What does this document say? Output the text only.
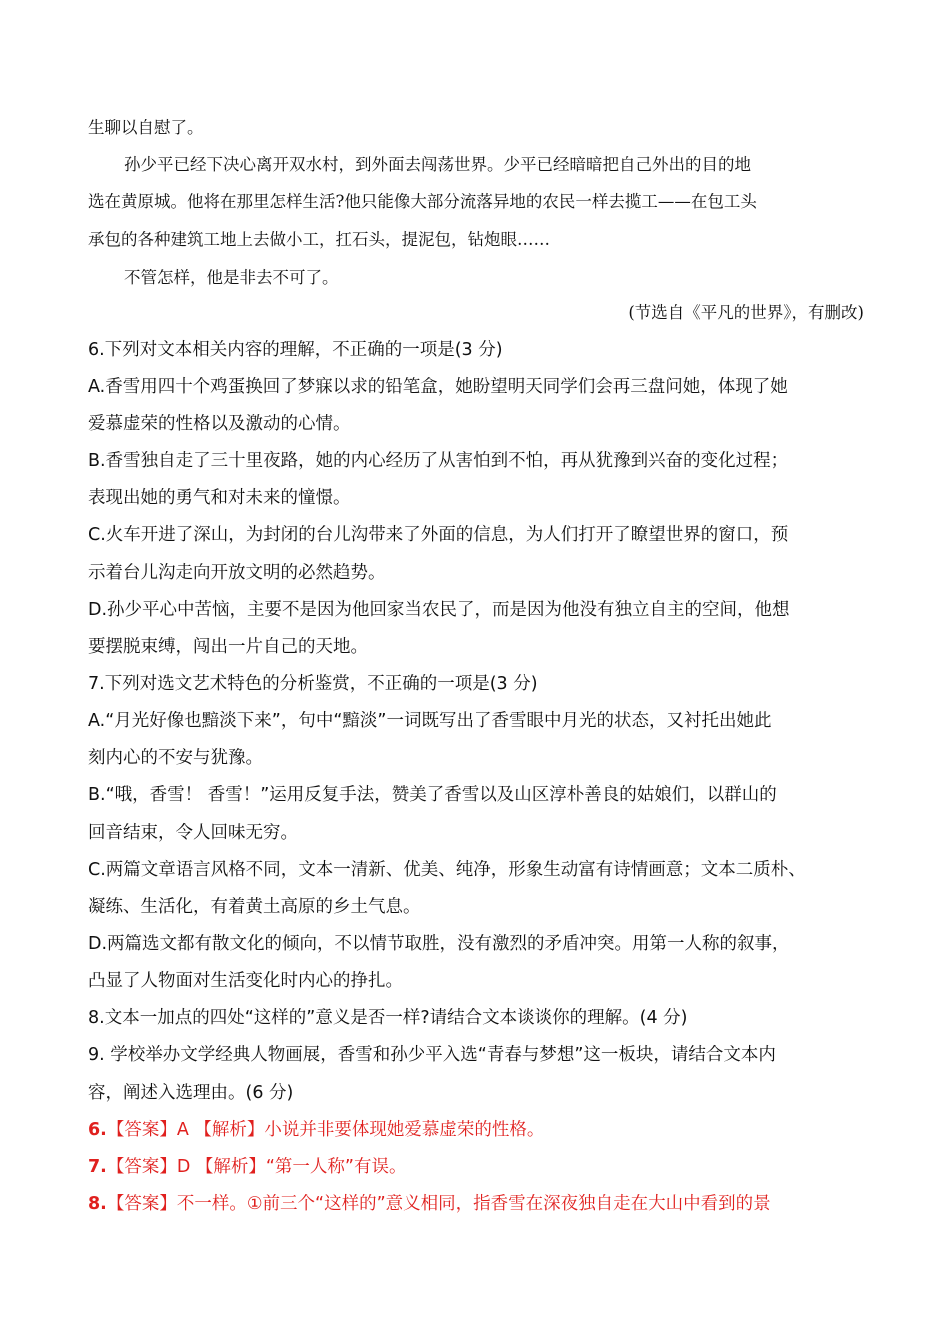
生聊以自慰了。
孙少平已经下决心离开双水村，到外面去闯荡世界。少平已经暗暗把自己外出的目的地
选在黄原城。他将在那里怎样生活?他只能像大部分流落异地的农民一样去揽工——在包工头
承包的各种建筑工地上去做小工，扛石头，提泥包，钻炮眼……
不管怎样，他是非去不可了。
(节选自《平凡的世界》，有删改)
6.下列对文本相关内容的理解，不正确的一项是(3 分)
A.香雪用四十个鸡蛋换回了梦寐以求的铅笔盒，她盼望明天同学们会再三盘问她，体现了她
爱慕虚荣的性格以及激动的心情。
B.香雪独自走了三十里夜路，她的内心经历了从害怕到不怕，再从犹豫到兴奋的变化过程；
表现出她的勇气和对未来的憧憬。
C.火车开进了深山，为封闭的台儿沟带来了外面的信息，为人们打开了瞭望世界的窗口，预
示着台儿沟走向开放文明的必然趋势。
D.孙少平心中苦恼，主要不是因为他回家当农民了，而是因为他没有独立自主的空间，他想
要摆脱束缚，闯出一片自己的天地。
7.下列对选文艺术特色的分析鉴赏，不正确的一项是(3 分)
A.“月光好像也黯淡下来”，句中“黯淡”一词既写出了香雪眼中月光的状态，又衬托出她此
刻内心的不安与犹豫。
B.“哦，香雪！ 香雪！”运用反复手法，赞美了香雪以及山区淳朴善良的姑娘们，以群山的
回音结束，令人回味无穷。
C.两篇文章语言风格不同，文本一清新、优美、纯净，形象生动富有诗情画意；文本二质朴、
凝练、生活化，有着黄土高原的乡土气息。
D.两篇选文都有散文化的倾向，不以情节取胜，没有激烈的矛盾冲突。用第一人称的叙事，
凸显了人物面对生活变化时内心的挣扎。
8.文本一加点的四处“这样的”意义是否一样?请结合文本谈谈你的理解。(4 分)
9. 学校举办文学经典人物画展，香雪和孙少平入选“青春与梦想”这一板块，请结合文本内
容，阐述入选理由。(6 分)
6.【答案】A 【解析】小说并非要体现她爱慕虚荣的性格。
7.【答案】D 【解析】“第一人称”有误。
8.【答案】不一样。①前三个“这样的”意义相同，指香雪在深夜独自走在大山中看到的景
